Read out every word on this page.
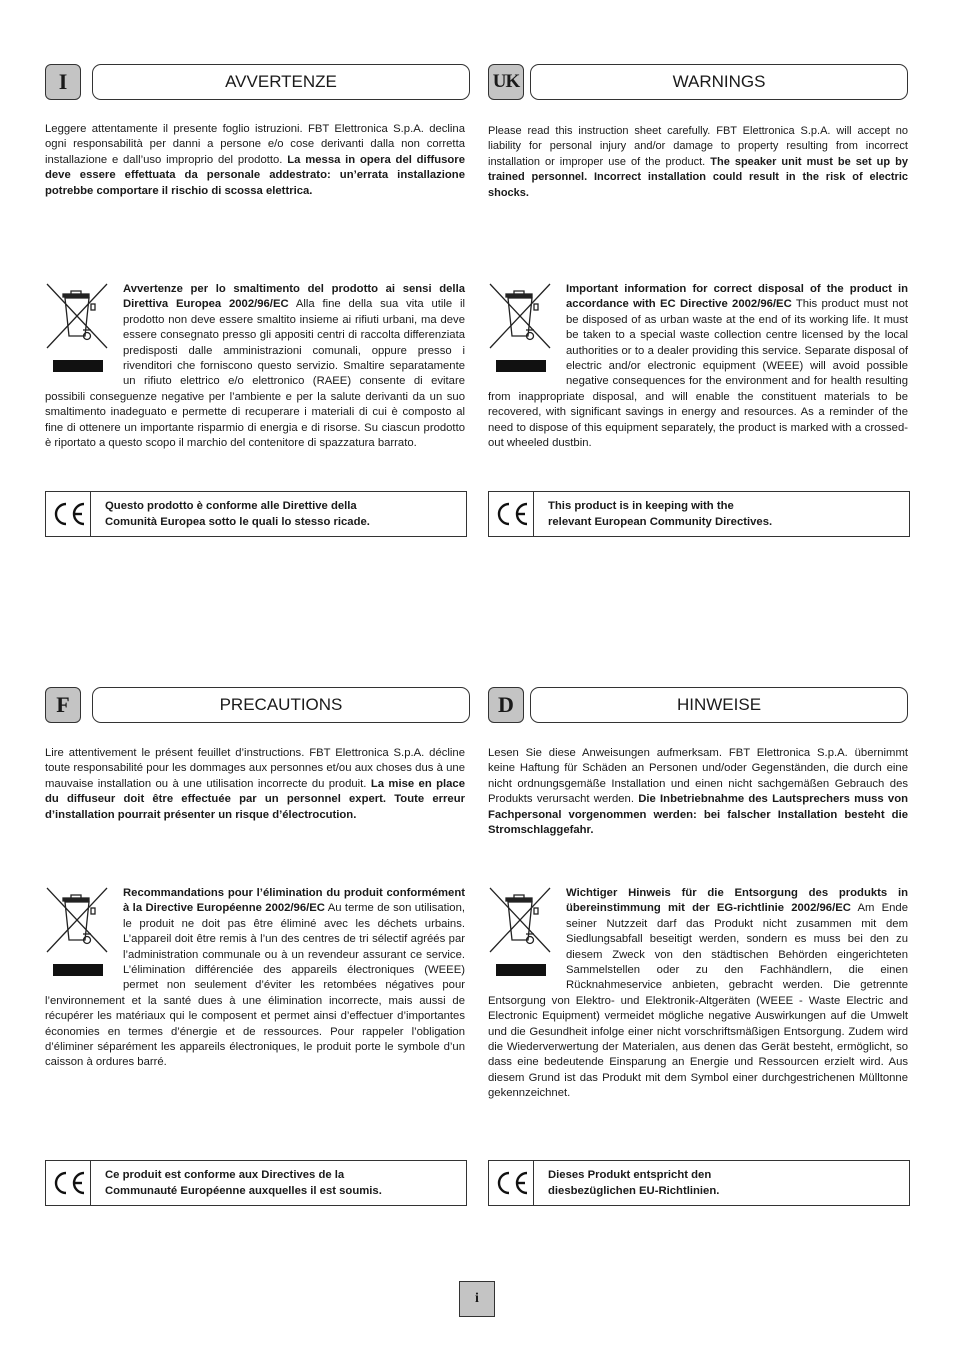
I	AVVERTENZE

Leggere attentamente il presente foglio istruzioni. FBT Elettronica S.p.A. declina ogni responsabilità per danni a persone e/o cose derivanti dalla non corretta installazione e dall’uso improprio del prodotto. La messa in opera del diffusore deve essere effettuata da personale addestrato: un’errata installazione potrebbe comportare il rischio di scossa elettrica.

Avvertenze per lo smaltimento del prodotto ai sensi della Direttiva Europea 2002/96/EC Alla fine della sua vita utile il prodotto non deve essere smaltito insieme ai rifiuti urbani, ma deve essere consegnato presso gli appositi centri di raccolta differenziata predisposti dalle amministrazioni comunali, oppure presso i rivenditori che forniscono questo servizio. Smaltire separatamente un rifiuto elettrico e/o elettronico (RAEE) consente di evitare possibili conseguenze negative per l’ambiente e per la salute derivanti da un suo smaltimento inadeguato e permette di recuperare i materiali di cui è composto al fine di ottenere un importante risparmio di energia e di risorse. Su ciascun prodotto è riportato a questo scopo il marchio del contenitore di spazzatura barrato.
UK	WARNINGS

Please read this instruction sheet carefully. FBT Elettronica S.p.A. will accept no liability for personal injury and/or damage to property resulting from incorrect installation or improper use of the product. The speaker unit must be set up by trained personnel. Incorrect installation could result in the risk of electric shocks.

Important information for correct disposal of the product in accordance with EC Directive 2002/96/EC This product must not be disposed of as urban waste at the end of its working life. It must be taken to a special waste collection centre licensed by the local authorities or to a dealer providing this service. Separate disposal of electric and/or electronic equipment (WEEE) will avoid possible negative consequences for the environment and for health resulting from inappropriate disposal, and will enable the constituent materials to be recovered, with significant savings in energy and resources. As a reminder of the need to dispose of this equipment separately, the product is marked with a crossed-out wheeled dustbin.
F	PRECAUTIONS

Lire attentivement le présent feuillet d’instructions. FBT Elettronica S.p.A. décline toute responsabilité pour les dommages aux personnes et/ou aux choses dus à une mauvaise installation ou à une utilisation incorrecte du produit. La mise en place du diffuseur doit être effectuée par un personnel expert. Toute erreur d’installation pourrait présenter un risque d’électrocution.

Recommandations pour l’élimination du produit conformément à la Directive Européenne 2002/96/EC Au terme de son utilisation, le produit ne doit pas être éliminé avec les déchets urbains. L’appareil doit être remis à l’un des centres de tri sélectif agréés par l’administration communale ou à un revendeur assurant ce service. L’élimination différenciée des appareils électroniques (WEEE) permet non seulement d’éviter les retombées négatives pour l’environnement et la santé dues à une élimination incorrecte, mais aussi de récupérer les matériaux qui le composent et permet ainsi d’effectuer d’importantes économies en termes d’énergie et de ressources. Pour rappeler l’obligation d’éliminer séparément les appareils électroniques, le produit porte le symbole d’un caisson à ordures barré.
D	HINWEISE

Lesen Sie diese Anweisungen aufmerksam. FBT Elettronica S.p.A. übernimmt keine Haftung für Schäden an Personen und/oder Gegenständen, die durch eine nicht ordnungsgemäße Installation und einen nicht sachgemäßen Gebrauch des Produkts verursacht werden. Die Inbetriebnahme des Lautsprechers muss von Fachpersonal vorgenommen werden: bei falscher Installation besteht die Stromschlaggefahr.

Wichtiger Hinweis für die Entsorgung des produkts in übereinstimmung mit der EG-richtlinie 2002/96/EC Am Ende seiner Nutzzeit darf das Produkt nicht zusammen mit dem Siedlungsabfall beseitigt werden, sondern es muss bei den zu diesem Zweck von den städtischen Behörden eingerichteten Sammelstellen oder zu den Fachhändlern, die einen Rücknahmeservice anbieten, gebracht werden. Die getrennte Entsorgung von Elektro- und Elektronik-Altgeräten (WEEE - Waste Electric and Electronic Equipment) vermeidet mögliche negative Auswirkungen auf die Umwelt und die Gesundheit infolge einer nicht vorschriftsmäßigen Entsorgung. Zudem wird die Wiederverwertung der Materialen, aus denen das Gerät besteht, ermöglicht, so dass eine bedeutende Einsparung an Energie und Ressourcen erzielt wird. Aus diesem Grund ist das Produkt mit dem Symbol einer durchgestrichenen Mülltonne gekennzeichnet.
Questo prodotto è conforme alle Direttive della
Comunità Europea sotto le quali lo stesso ricade.
This product is in keeping with the
relevant European Community Directives.
Ce produit est conforme aux Directives de la
Communauté Européenne auxquelles il est soumis.
Dieses Produkt entspricht den
diesbezüglichen EU-Richtlinien.
i
